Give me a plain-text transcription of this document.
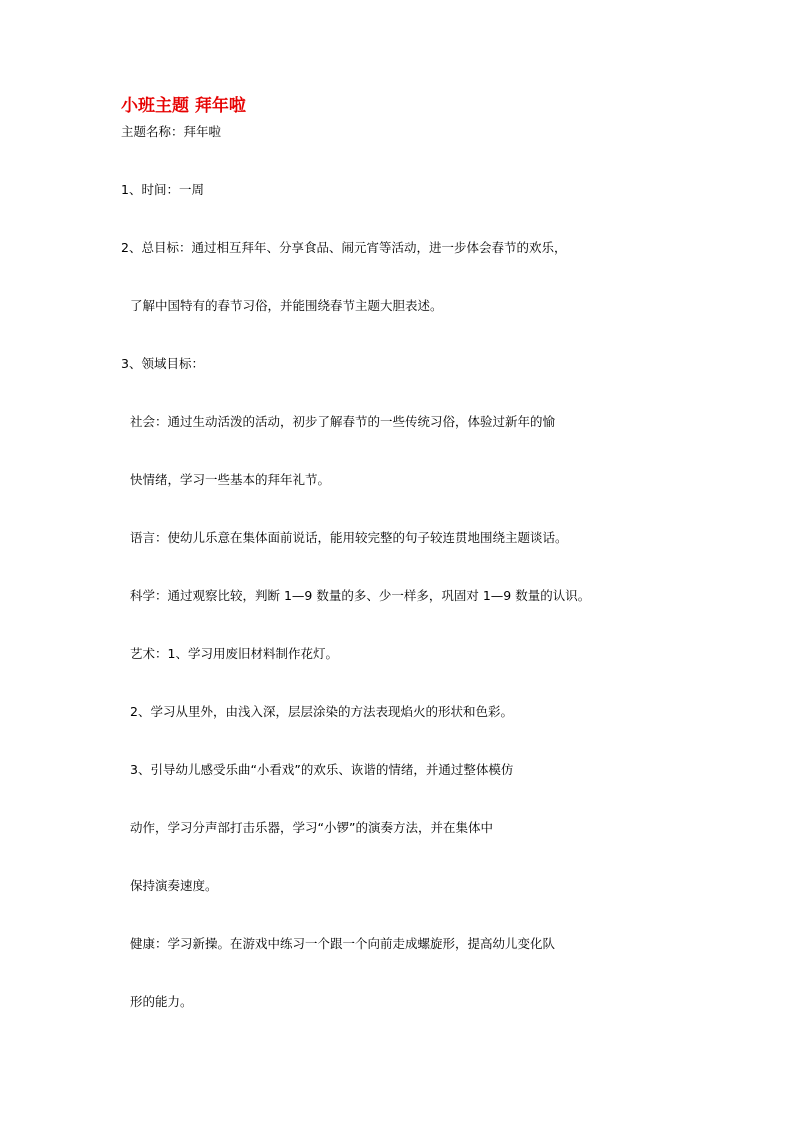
小班主题 拜年啦
主题名称：拜年啦
1、时间：一周
2、总目标：通过相互拜年、分享食品、闹元宵等活动，进一步体会春节的欢乐，
了解中国特有的春节习俗，并能围绕春节主题大胆表述。
3、领域目标：
社会：通过生动活泼的活动，初步了解春节的一些传统习俗，体验过新年的愉
快情绪，学习一些基本的拜年礼节。
语言：使幼儿乐意在集体面前说话，能用较完整的句子较连贯地围绕主题谈话。
科学：通过观察比较，判断 1—9 数量的多、少一样多，巩固对 1—9 数量的认识。
艺术：1、学习用废旧材料制作花灯。
2、学习从里外，由浅入深，层层涂染的方法表现焰火的形状和色彩。
3、引导幼儿感受乐曲“小看戏”的欢乐、诙谐的情绪，并通过整体模仿
动作，学习分声部打击乐器，学习“小锣”的演奏方法，并在集体中
保持演奏速度。
健康：学习新操。在游戏中练习一个跟一个向前走成螺旋形，提高幼儿变化队
形的能力。
